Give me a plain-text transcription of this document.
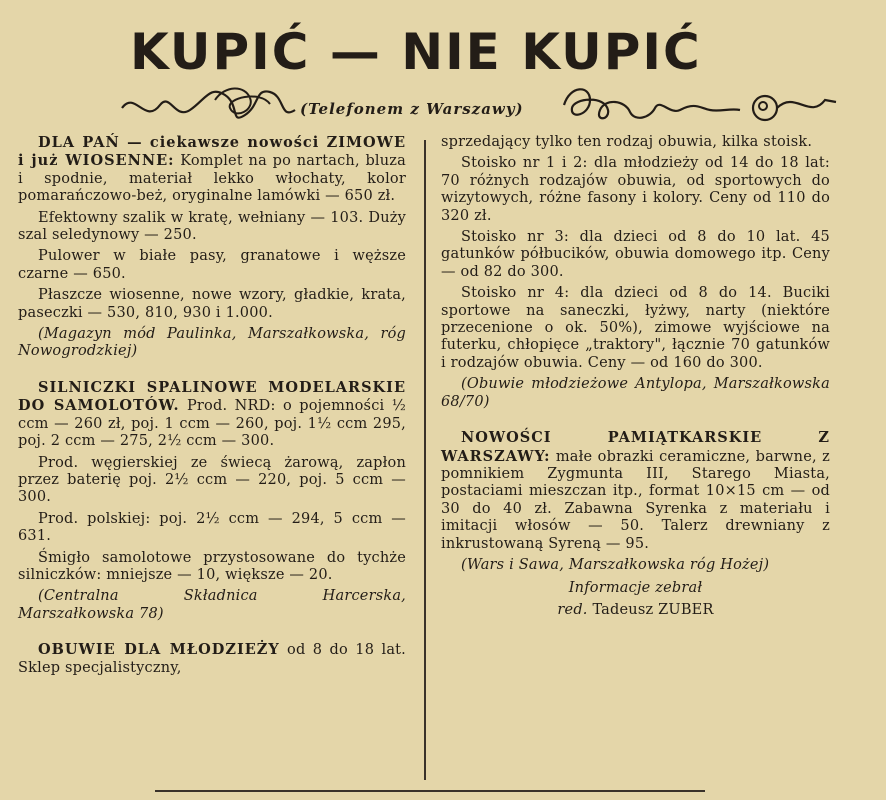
KUPIĆ — NIE KUPIĆ
(Telefonem z Warszawy)

DLA PAŃ — ciekawsze nowości ZIMOWE i już WIOSENNE: Komplet na po nartach, bluza i spodnie, materiał lekko włochaty, kolor pomarańczowo-beż, oryginalne lamówki — 650 zł.

Efektowny szalik w kratę, wełniany — 103. Duży szal seledynowy — 250.

Pulower w białe pasy, granatowe i węższe czarne — 650.

Płaszcze wiosenne, nowe wzory, gładkie, krata, paseczki — 530, 810, 930 i 1.000.

(Magazyn mód Paulinka, Marszałkowska, róg Nowogrodzkiej)

SILNICZKI SPALINOWE MODELARSKIE DO SAMOLOTÓW. Prod. NRD: o pojemności ½ ccm — 260 zł, poj. 1 ccm — 260, poj. 1½ ccm 295, poj. 2 ccm — 275, 2½ ccm — 300.

Prod. węgierskiej ze świecą żarową, zapłon przez baterię poj. 2½ ccm — 220, poj. 5 ccm — 300.

Prod. polskiej: poj. 2½ ccm — 294, 5 ccm — 631.

Śmigło samolotowe przystosowane do tychże silniczków: mniejsze — 10, większe — 20.

(Centralna Składnica Harcerska, Marszałkowska 78)

OBUWIE DLA MŁODZIEŻY od 8 do 18 lat. Sklep specjalistyczny,

sprzedający tylko ten rodzaj obuwia, kilka stoisk.

Stoisko nr 1 i 2: dla młodzieży od 14 do 18 lat: 70 różnych rodzajów obuwia, od sportowych do wizytowych, różne fasony i kolory. Ceny od 110 do 320 zł.

Stoisko nr 3: dla dzieci od 8 do 10 lat. 45 gatunków półbucików, obuwia domowego itp. Ceny — od 82 do 300.

Stoisko nr 4: dla dzieci od 8 do 14. Buciki sportowe na saneczki, łyżwy, narty (niektóre przecenione o ok. 50%), zimowe wyjściowe na futerku, chłopięce „traktory", łącznie 70 gatunków i rodzajów obuwia. Ceny — od 160 do 300.

(Obuwie młodzieżowe Antylopa, Marszałkowska 68/70)

NOWOŚCI PAMIĄTKARSKIE Z WARSZAWY: małe obrazki ceramiczne, barwne, z pomnikiem Zygmunta III, Starego Miasta, postaciami mieszczan itp., format 10×15 cm — od 30 do 40 zł. Zabawna Syrenka z materiału i imitacji włosów — 50. Talerz drewniany z inkrustowaną Syreną — 95.

(Wars i Sawa, Marszałkowska róg Hożej)

Informacje zebrał

red. Tadeusz ZUBER
